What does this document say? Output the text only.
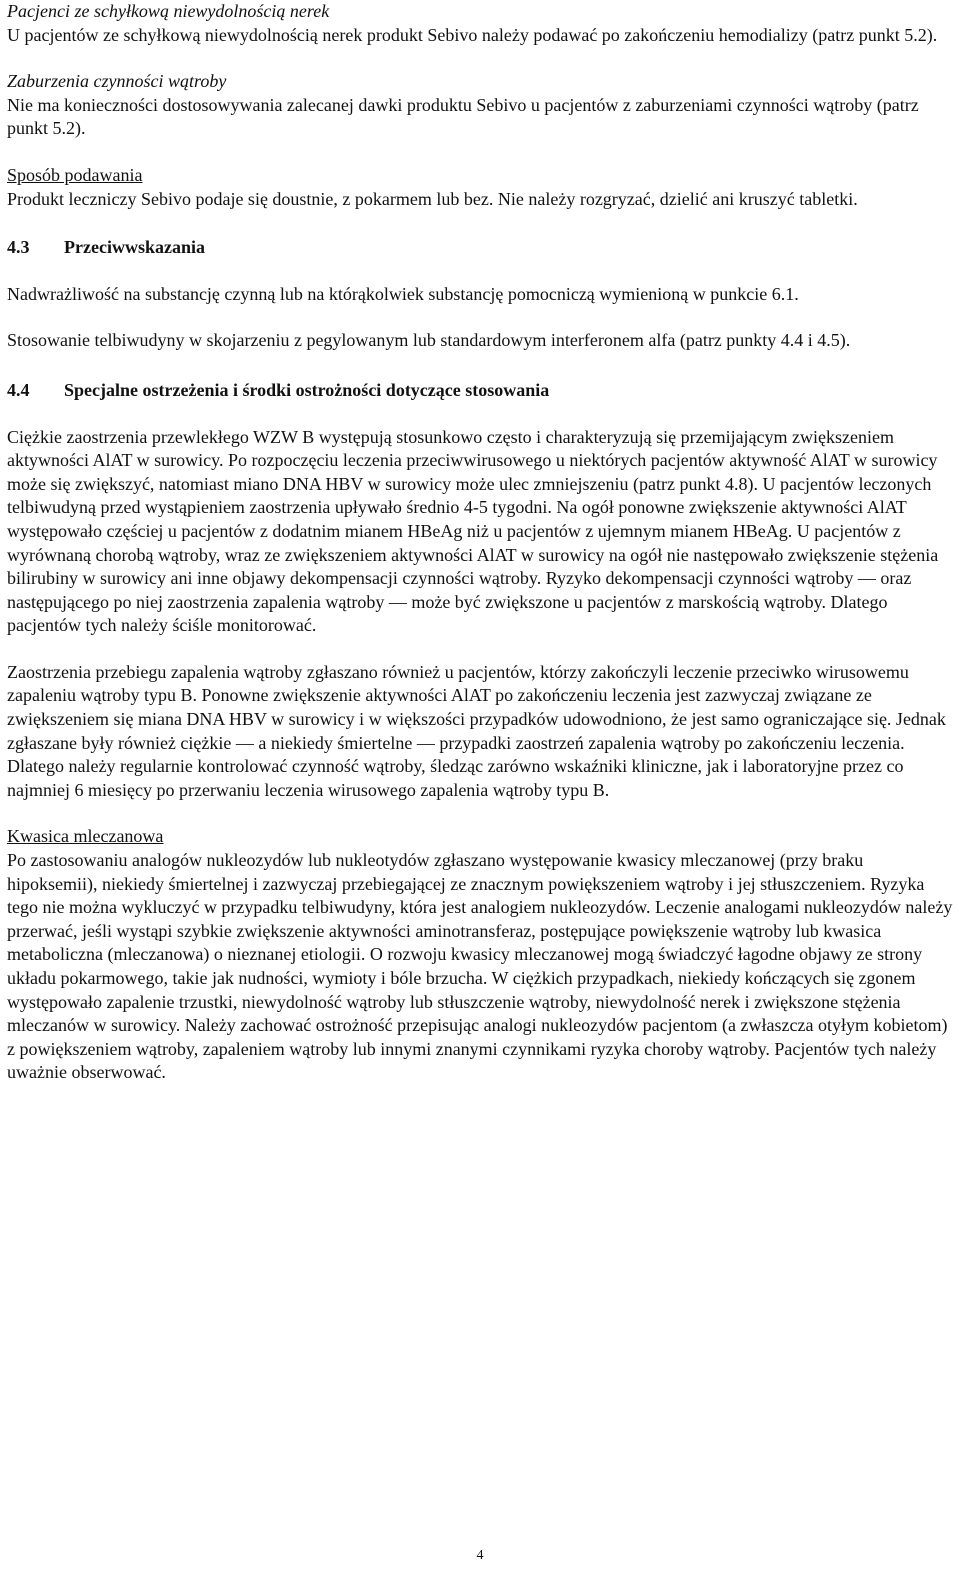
Pacjenci ze schyłkową niewydolnością nerek
U pacjentów ze schyłkową niewydolnością nerek produkt Sebivo należy podawać po zakończeniu hemodializy (patrz punkt 5.2).
Zaburzenia czynności wątroby
Nie ma konieczności dostosowywania zalecanej dawki produktu Sebivo u pacjentów z zaburzeniami czynności wątroby (patrz punkt 5.2).
Sposób podawania
Produkt leczniczy Sebivo podaje się doustnie, z pokarmem lub bez. Nie należy rozgryzać, dzielić ani kruszyć tabletki.
4.3 Przeciwwskazania
Nadwrażliwość na substancję czynną lub na którąkolwiek substancję pomocniczą wymienioną w punkcie 6.1.
Stosowanie telbiwudyny w skojarzeniu z pegylowanym lub standardowym interferonem alfa (patrz punkty 4.4 i 4.5).
4.4 Specjalne ostrzeżenia i środki ostrożności dotyczące stosowania
Ciężkie zaostrzenia przewlekłego WZW B występują stosunkowo często i charakteryzują się przemijającym zwiększeniem aktywności AlAT w surowicy. Po rozpoczęciu leczenia przeciwwirusowego u niektórych pacjentów aktywność AlAT w surowicy może się zwiększyć, natomiast miano DNA HBV w surowicy może ulec zmniejszeniu (patrz punkt 4.8). U pacjentów leczonych telbiwudyną przed wystąpieniem zaostrzenia upływało średnio 4-5 tygodni. Na ogół ponowne zwiększenie aktywności AlAT występowało częściej u pacjentów z dodatnim mianem HBeAg niż u pacjentów z ujemnym mianem HBeAg. U pacjentów z wyrównaną chorobą wątroby, wraz ze zwiększeniem aktywności AlAT w surowicy na ogół nie następowało zwiększenie stężenia bilirubiny w surowicy ani inne objawy dekompensacji czynności wątroby. Ryzyko dekompensacji czynności wątroby — oraz następującego po niej zaostrzenia zapalenia wątroby — może być zwiększone u pacjentów z marskością wątroby. Dlatego pacjentów tych należy ściśle monitorować.
Zaostrzenia przebiegu zapalenia wątroby zgłaszano również u pacjentów, którzy zakończyli leczenie przeciwko wirusowemu zapaleniu wątroby typu B. Ponowne zwiększenie aktywności AlAT po zakończeniu leczenia jest zazwyczaj związane ze zwiększeniem się miana DNA HBV w surowicy i w większości przypadków udowodniono, że jest samo ograniczające się. Jednak zgłaszane były również ciężkie — a niekiedy śmiertelne — przypadki zaostrzeń zapalenia wątroby po zakończeniu leczenia. Dlatego należy regularnie kontrolować czynność wątroby, śledząc zarówno wskaźniki kliniczne, jak i laboratoryjne przez co najmniej 6 miesięcy po przerwaniu leczenia wirusowego zapalenia wątroby typu B.
Kwasica mleczanowa
Po zastosowaniu analogów nukleozydów lub nukleotydów zgłaszano występowanie kwasicy mleczanowej (przy braku hipoksemii), niekiedy śmiertelnej i zazwyczaj przebiegającej ze znacznym powiększeniem wątroby i jej stłuszczeniem. Ryzyka tego nie można wykluczyć w przypadku telbiwudyny, która jest analogiem nukleozydów. Leczenie analogami nukleozydów należy przerwać, jeśli wystąpi szybkie zwiększenie aktywności aminotransferaz, postępujące powiększenie wątroby lub kwasica metaboliczna (mleczanowa) o nieznanej etiologii. O rozwoju kwasicy mleczanowej mogą świadczyć łagodne objawy ze strony układu pokarmowego, takie jak nudności, wymioty i bóle brzucha. W ciężkich przypadkach, niekiedy kończących się zgonem występowało zapalenie trzustki, niewydolność wątroby lub stłuszczenie wątroby, niewydolność nerek i zwiększone stężenia mleczanów w surowicy. Należy zachować ostrożność przepisując analogi nukleozydów pacjentom (a zwłaszcza otyłym kobietom) z powiększeniem wątroby, zapaleniem wątroby lub innymi znanymi czynnikami ryzyka choroby wątroby. Pacjentów tych należy uważnie obserwować.
4
